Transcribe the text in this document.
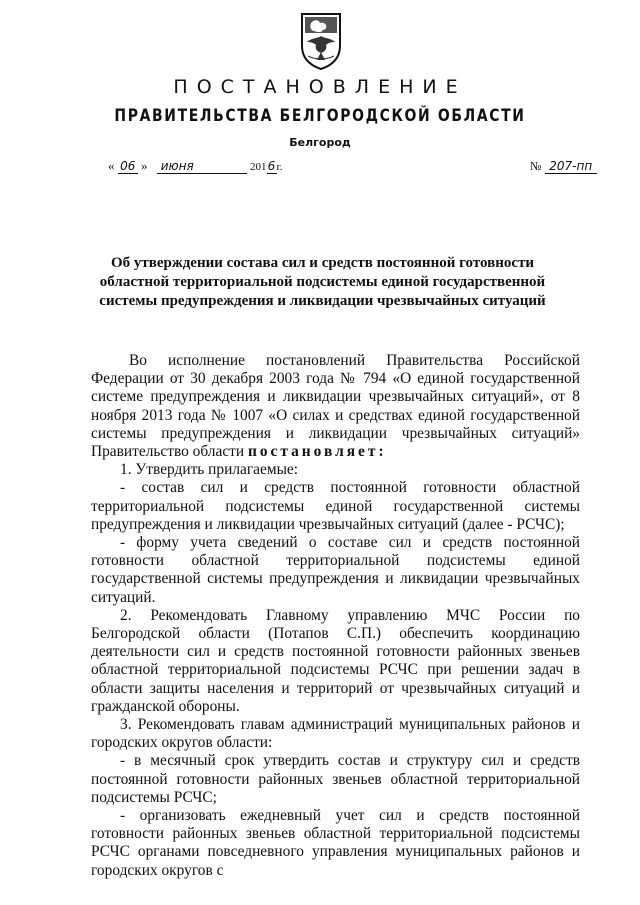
ПОСТАНОВЛЕНИЕ
ПРАВИТЕЛЬСТВА БЕЛГОРОДСКОЙ ОБЛАСТИ
Белгород
« 06 » июня	2016г.	№ 207-пп
Об утверждении состава сил и средств постоянной готовности областной территориальной подсистемы единой государственной системы предупреждения и ликвидации чрезвычайных ситуаций

Во исполнение постановлений Правительства Российской Федерации от 30 декабря 2003 года № 794 «О единой государственной системе предупреждения и ликвидации чрезвычайных ситуаций», от 8 ноября 2013 года № 1007 «О силах и средствах единой государственной системы предупреждения и ликвидации чрезвычайных ситуаций» Правительство области постановляет:

1. Утвердить прилагаемые:

- состав сил и средств постоянной готовности областной территориальной подсистемы единой государственной системы предупреждения и ликвидации чрезвычайных ситуаций (далее - РСЧС);

- форму учета сведений о составе сил и средств постоянной готовности областной территориальной подсистемы единой государственной системы предупреждения и ликвидации чрезвычайных ситуаций.

2. Рекомендовать Главному управлению МЧС России по Белгородской области (Потапов С.П.) обеспечить координацию деятельности сил и средств постоянной готовности районных звеньев областной территориальной подсистемы РСЧС при решении задач в области защиты населения и территорий от чрезвычайных ситуаций и гражданской обороны.

3. Рекомендовать главам администраций муниципальных районов и городских округов области:

- в месячный срок утвердить состав и структуру сил и средств постоянной готовности районных звеньев областной территориальной подсистемы РСЧС;

- организовать ежедневный учет сил и средств постоянной готовности районных звеньев областной территориальной подсистемы РСЧС органами повседневного управления муниципальных районов и городских округов с
